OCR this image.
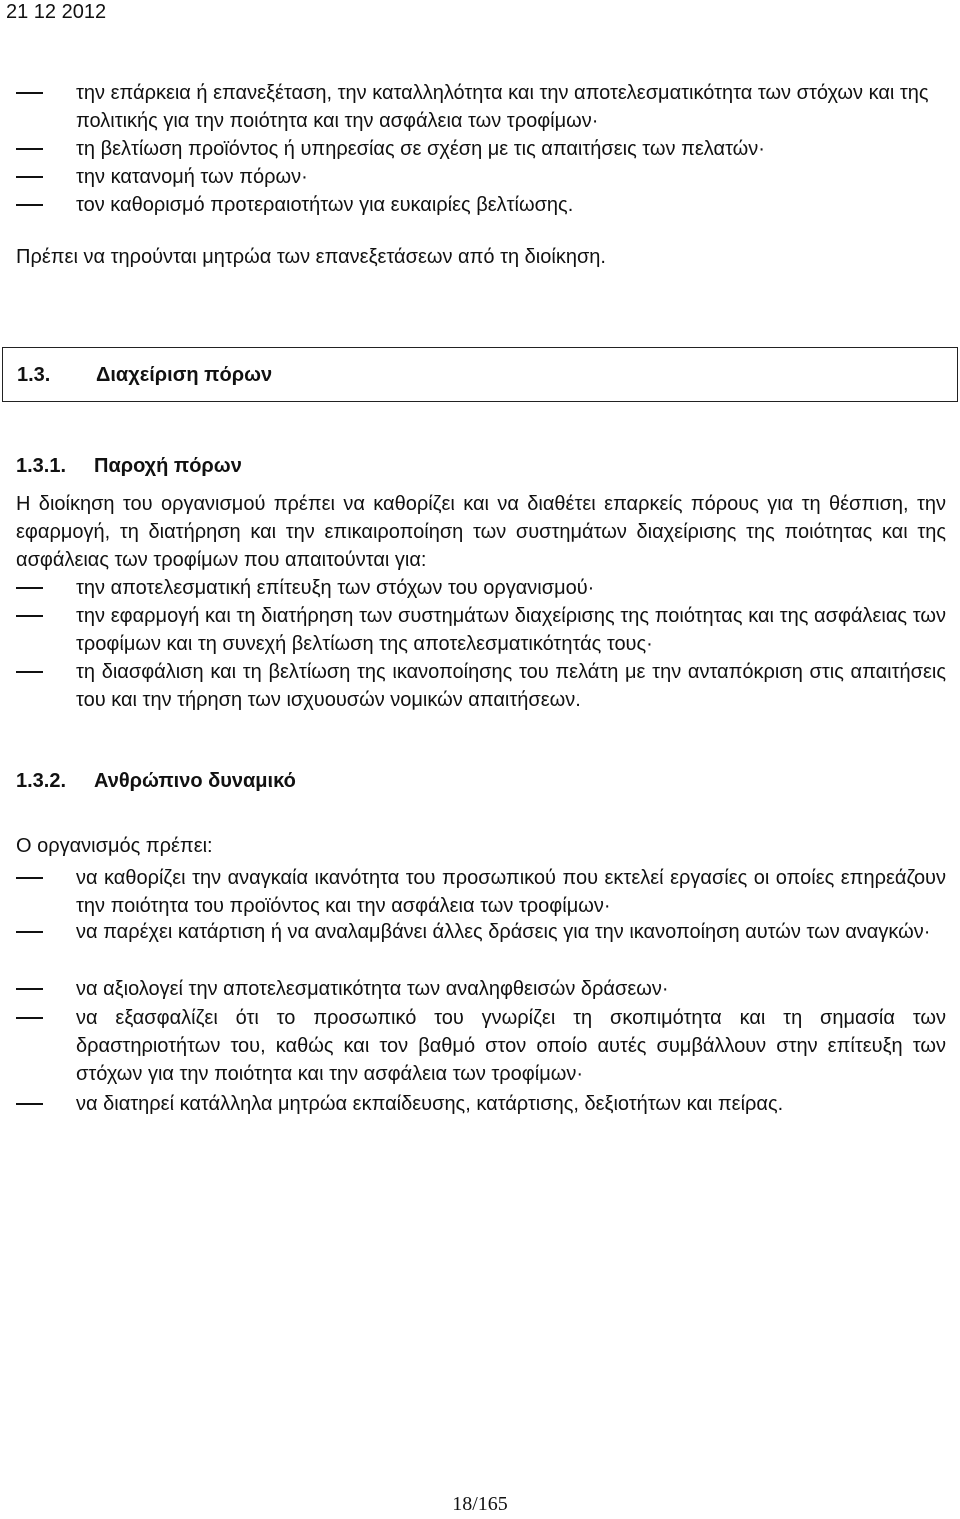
21 12 2012
την επάρκεια ή επανεξέταση, την καταλληλότητα και την αποτελεσματικότητα των στόχων και της πολιτικής για την ποιότητα και την ασφάλεια των τροφίμων·
τη βελτίωση προϊόντος ή υπηρεσίας σε σχέση με τις απαιτήσεις των πελατών·
την κατανομή των πόρων·
τον καθορισμό προτεραιοτήτων για ευκαιρίες βελτίωσης.
Πρέπει να τηρούνται μητρώα των επανεξετάσεων από τη διοίκηση.
1.3. Διαχείριση πόρων
1.3.1. Παροχή πόρων
Η διοίκηση του οργανισμού πρέπει να καθορίζει και να διαθέτει επαρκείς πόρους για τη θέσπιση, την εφαρμογή, τη διατήρηση και την επικαιροποίηση των συστημάτων διαχείρισης της ποιότητας και της ασφάλειας των τροφίμων που απαιτούνται για:
την αποτελεσματική επίτευξη των στόχων του οργανισμού·
την εφαρμογή και τη διατήρηση των συστημάτων διαχείρισης της ποιότητας και της ασφάλειας των τροφίμων και τη συνεχή βελτίωση της αποτελεσματικότητάς τους·
τη διασφάλιση και τη βελτίωση της ικανοποίησης του πελάτη με την ανταπόκριση στις απαιτήσεις του και την τήρηση των ισχυουσών νομικών απαιτήσεων.
1.3.2. Ανθρώπινο δυναμικό
Ο οργανισμός πρέπει:
να καθορίζει την αναγκαία ικανότητα του προσωπικού που εκτελεί εργασίες οι οποίες επηρεάζουν την ποιότητα του προϊόντος και την ασφάλεια των τροφίμων·
να παρέχει κατάρτιση ή να αναλαμβάνει άλλες δράσεις για την ικανοποίηση αυτών των αναγκών·
να αξιολογεί την αποτελεσματικότητα των αναληφθεισών δράσεων·
να εξασφαλίζει ότι το προσωπικό του γνωρίζει τη σκοπιμότητα και τη σημασία των δραστηριοτήτων του, καθώς και τον βαθμό στον οποίο αυτές συμβάλλουν στην επίτευξη των στόχων για την ποιότητα και την ασφάλεια των τροφίμων·
να διατηρεί κατάλληλα μητρώα εκπαίδευσης, κατάρτισης, δεξιοτήτων και πείρας.
18/165
